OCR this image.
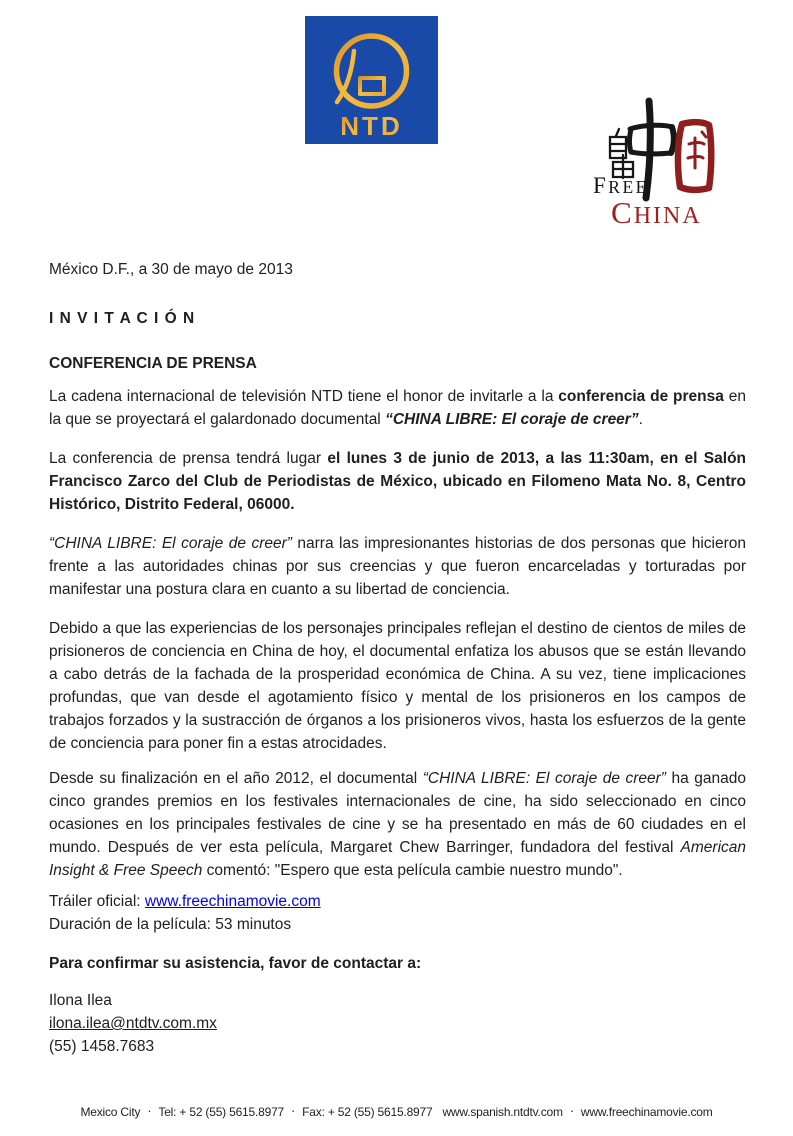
NTD
FREE
CHINA
México D.F., a 30 de mayo de 2013
I N V I T A C I Ó N
CONFERENCIA DE PRENSA

La cadena internacional de televisión NTD tiene el honor de invitarle a la conferencia de prensa en la que se proyectará el galardonado documental “CHINA LIBRE: El coraje de creer”.

La conferencia de prensa tendrá lugar el lunes 3 de junio de 2013, a las 11:30am, en el Salón Francisco Zarco del Club de Periodistas de México, ubicado en Filomeno Mata No. 8, Centro Histórico, Distrito Federal, 06000.

“CHINA LIBRE: El coraje de creer” narra las impresionantes historias de dos personas que hicieron frente a las autoridades chinas por sus creencias y que fueron encarceladas y torturadas por manifestar una postura clara en cuanto a su libertad de conciencia.

Debido a que las experiencias de los personajes principales reflejan el destino de cientos de miles de prisioneros de conciencia en China de hoy, el documental enfatiza los abusos que se están llevando a cabo detrás de la fachada de la prosperidad económica de China. A su vez, tiene implicaciones profundas, que van desde el agotamiento físico y mental de los prisioneros en los campos de trabajos forzados y la sustracción de órganos a los prisioneros vivos, hasta los esfuerzos de la gente de conciencia para poner fin a estas atrocidades.

Desde su finalización en el año 2012, el documental “CHINA LIBRE: El coraje de creer” ha ganado cinco grandes premios en los festivales internacionales de cine, ha sido seleccionado en cinco ocasiones en los principales festivales de cine y se ha presentado en más de 60 ciudades en el mundo. Después de ver esta película, Margaret Chew Barringer, fundadora del festival American Insight & Free Speech comentó: "Espero que esta película cambie nuestro mundo".

Tráiler oficial: www.freechinamovie.com
Duración de la película: 53 minutos
Para confirmar su asistencia, favor de contactar a:
Ilona Ilea
ilona.ilea@ntdtv.com.mx
(55) 1458.7683
Mexico City · Tel: + 52 (55) 5615.8977 · Fax: + 52 (55) 5615.8977 www.spanish.ntdtv.com · www.freechinamovie.com
